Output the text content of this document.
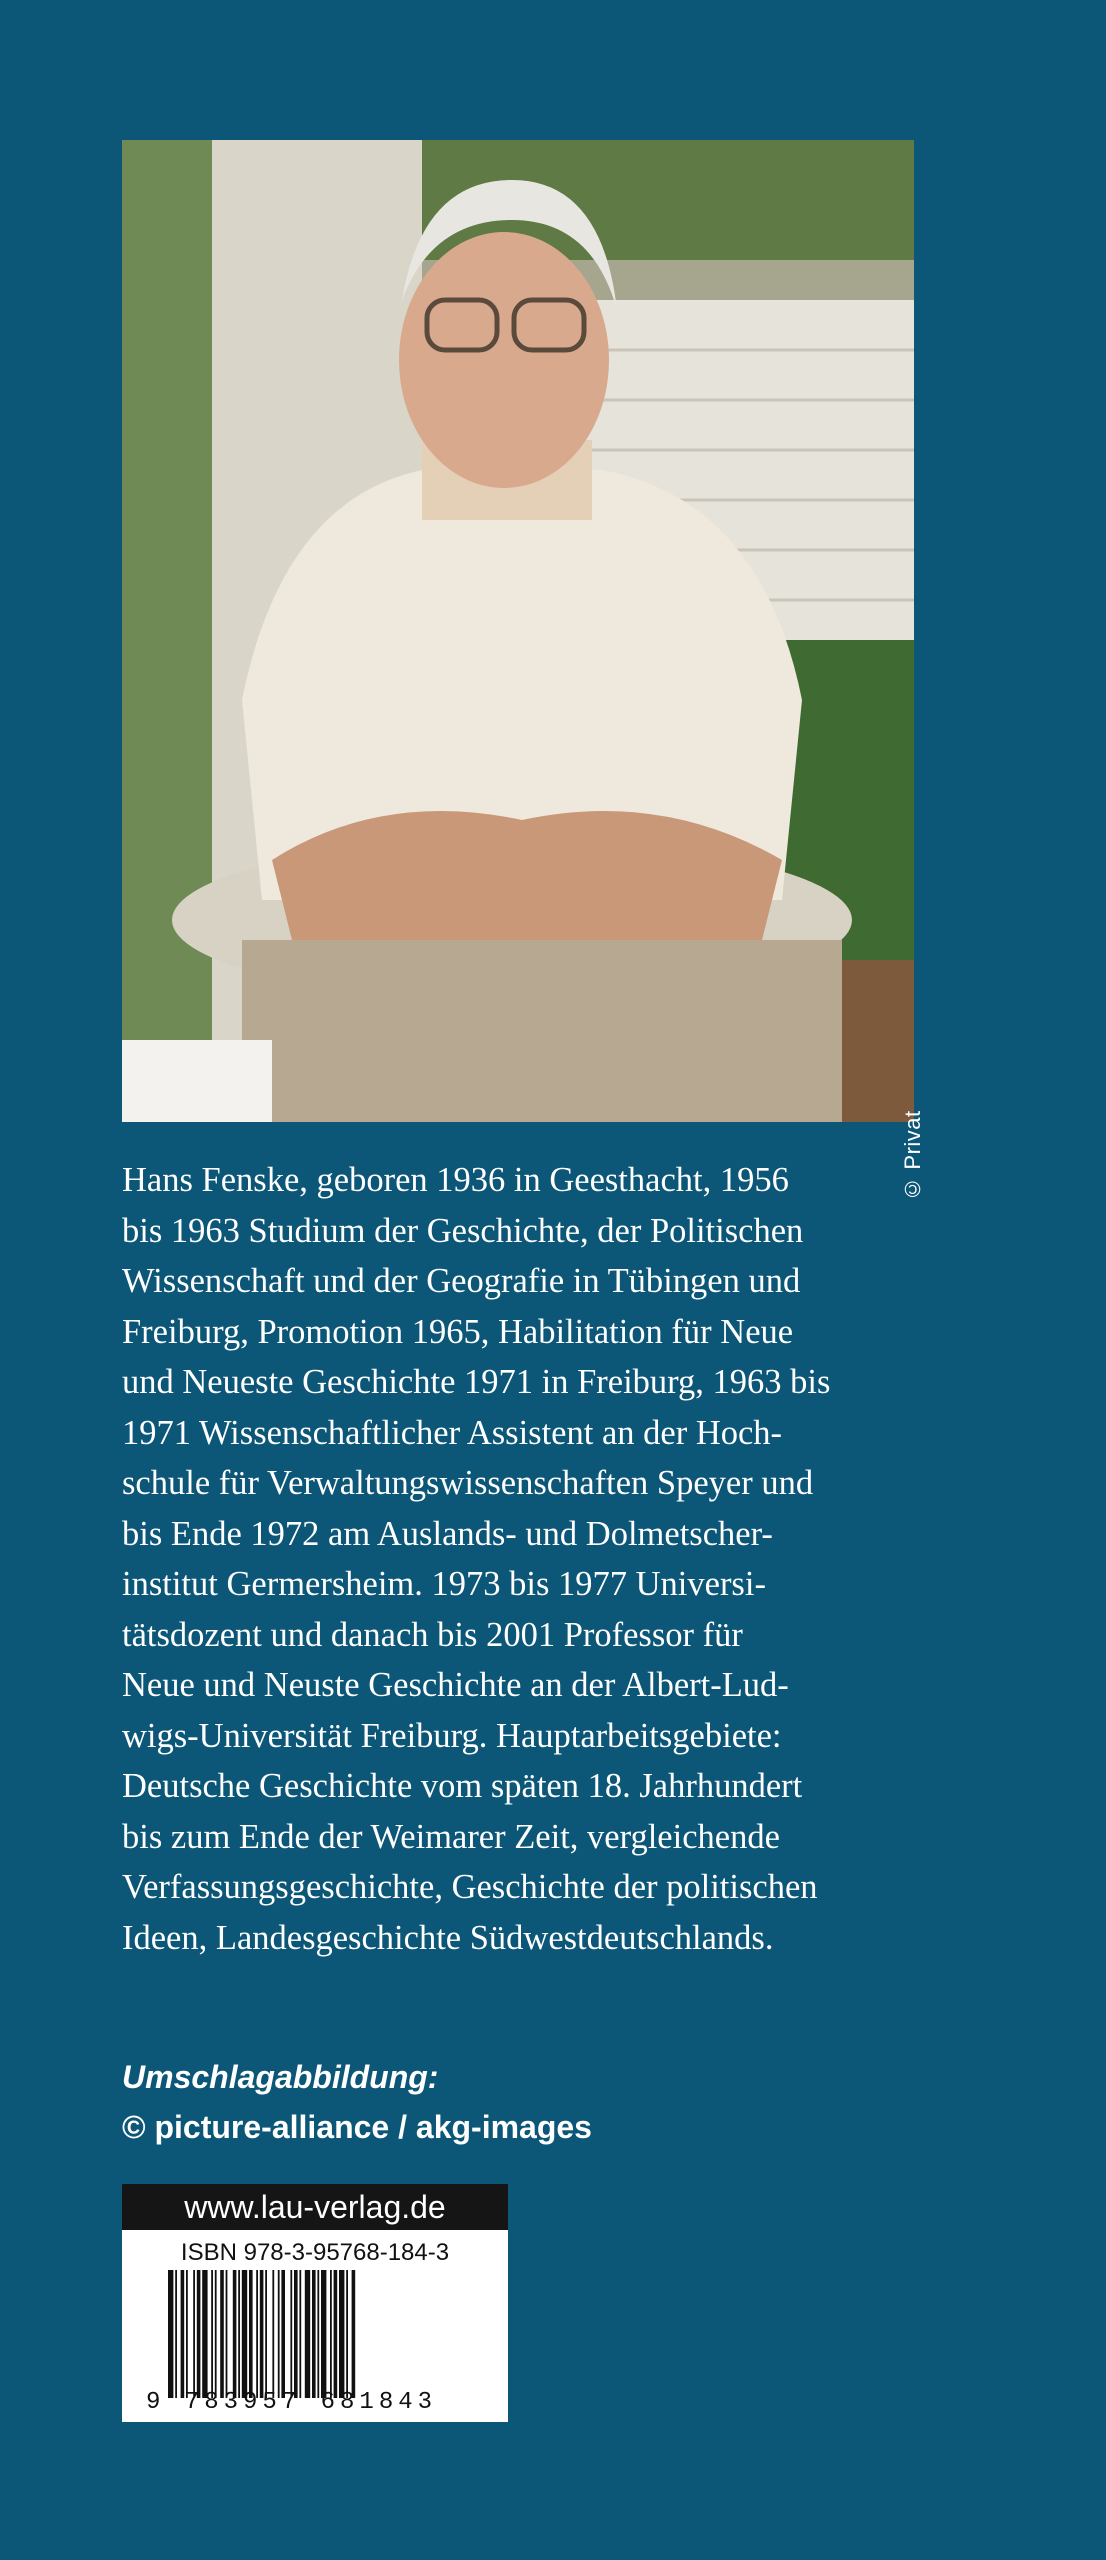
© Privat

Hans Fenske, geboren 1936 in Geesthacht, 1956
bis 1963 Studium der Geschichte, der Politischen
Wissenschaft und der Geografie in Tübingen und
Freiburg, Promotion 1965, Habilitation für Neue
und Neueste Geschichte 1971 in Freiburg, 1963 bis
1971 Wissenschaftlicher Assistent an der Hoch-
schule für Verwaltungswissenschaften Speyer und
bis Ende 1972 am Auslands- und Dolmetscher-
institut Germersheim. 1973 bis 1977 Universi-
tätsdozent und danach bis 2001 Professor für
Neue und Neuste Geschichte an der Albert-Lud-
wigs-Universität Freiburg. Hauptarbeitsgebiete:
Deutsche Geschichte vom späten 18. Jahrhundert
bis zum Ende der Weimarer Zeit, vergleichende
Verfassungsgeschichte, Geschichte der politischen
Ideen, Landesgeschichte Südwestdeutschlands.

Umschlagabbildung:
© picture-alliance / akg-images
www.lau-verlag.de
ISBN 978-3-95768-184-3
9 783957 681843
